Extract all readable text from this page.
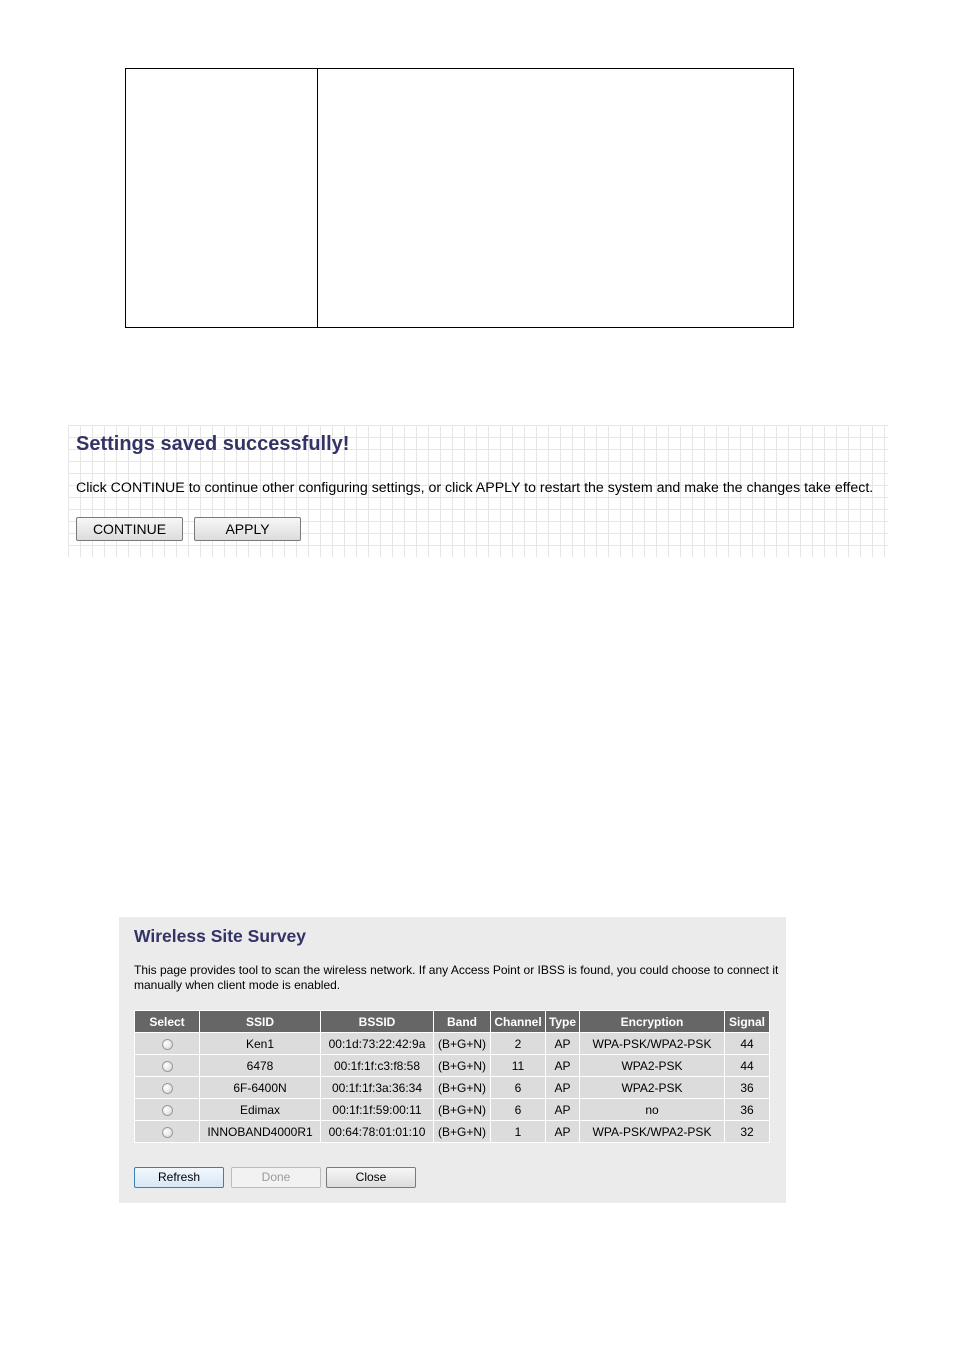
Settings saved successfully!
Click CONTINUE to continue other configuring settings, or click APPLY to restart the system and make the changes take effect.
CONTINUE	APPLY
Wireless Site Survey
This page provides tool to scan the wireless network. If any Access Point or IBSS is found, you could choose to connect it manually when client mode is enabled.
Select	SSID	BSSID	Band	Channel	Type	Encryption	Signal
	Ken1	00:1d:73:22:42:9a	(B+G+N)	2	AP	WPA-PSK/WPA2-PSK	44
	6478	00:1f:1f:c3:f8:58	(B+G+N)	11	AP	WPA2-PSK	44
	6F-6400N	00:1f:1f:3a:36:34	(B+G+N)	6	AP	WPA2-PSK	36
	Edimax	00:1f:1f:59:00:11	(B+G+N)	6	AP	no	36
	INNOBAND4000R1	00:64:78:01:01:10	(B+G+N)	1	AP	WPA-PSK/WPA2-PSK	32
Refresh	Done	Close
